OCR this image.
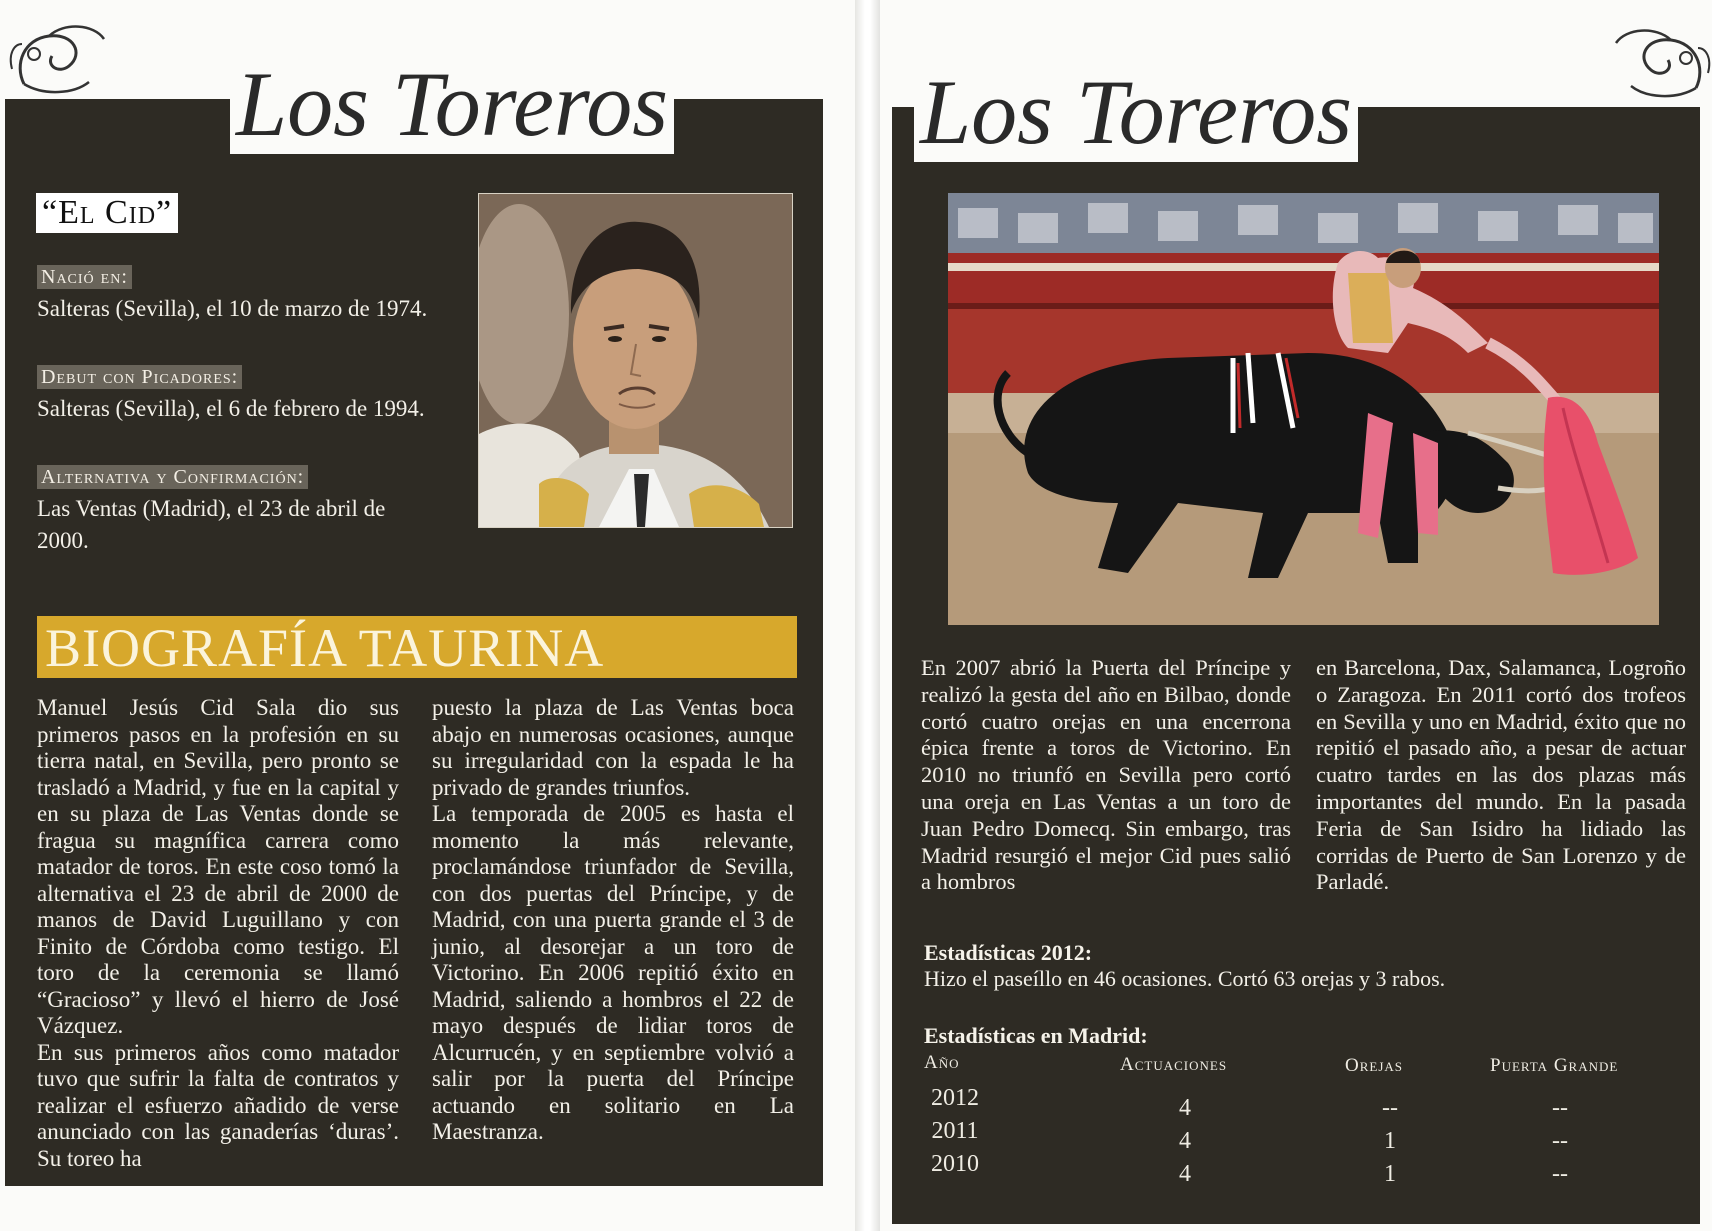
Los Toreros
“El Cid”
Nació en:
Salteras (Sevilla), el 10 de marzo de 1974.
Debut con Picadores:
Salteras (Sevilla), el 6 de febrero de 1994.
Alternativa y Confirmación:
Las Ventas (Madrid), el 23 de abril de 2000.
BIOGRAFÍA TAURINA

Manuel Jesús Cid Sala dio sus primeros pasos en la profesión en su tierra natal, en Sevilla, pero pronto se trasladó a Madrid, y fue en la capital y en su plaza de Las Ventas donde se fragua su magnífica carrera como matador de toros. En este coso tomó la alternativa el 23 de abril de 2000 de manos de David Luguillano y con Finito de Córdoba como testigo. El toro de la ceremonia se llamó “Gracioso” y llevó el hierro de José Vázquez.

En sus primeros años como matador tuvo que sufrir la falta de contratos y realizar el esfuerzo añadido de verse anunciado con las ganaderías ‘duras’. Su toreo ha

puesto la plaza de Las Ventas boca abajo en numerosas ocasiones, aunque su irregularidad con la espada le ha privado de grandes triunfos.

La temporada de 2005 es hasta el momento la más relevante, proclamándose triunfador de Sevilla, con dos puertas del Príncipe, y de Madrid, con una puerta grande el 3 de junio, al desorejar a un toro de Victorino. En 2006 repitió éxito en Madrid, saliendo a hombros el 22 de mayo después de lidiar toros de Alcurrucén, y en septiembre volvió a salir por la puerta del Príncipe actuando en solitario en La Maestranza.

Los Toreros

En 2007 abrió la Puerta del Príncipe y realizó la gesta del año en Bilbao, donde cortó cuatro orejas en una encerrona épica frente a toros de Victorino. En 2010 no triunfó en Sevilla pero cortó una oreja en Las Ventas a un toro de Juan Pedro Domecq. Sin embargo, tras Madrid resurgió el mejor Cid pues salió a hombros

en Barcelona, Dax, Salamanca, Logroño o Zaragoza. En 2011 cortó dos trofeos en Sevilla y uno en Madrid, éxito que no repitió el pasado año, a pesar de actuar cuatro tardes en las dos plazas más importantes del mundo. En la pasada Feria de San Isidro ha lidiado las corridas de Puerto de San Lorenzo y de Parladé.

Estadísticas 2012:
Hizo el paseíllo en 46 ocasiones. Cortó 63 orejas y 3 rabos.
Estadísticas en Madrid:
Año	Actuaciones	Orejas	Puerta Grande
2012	4	--	--
2011	4	1	--
2010	4	1	--
